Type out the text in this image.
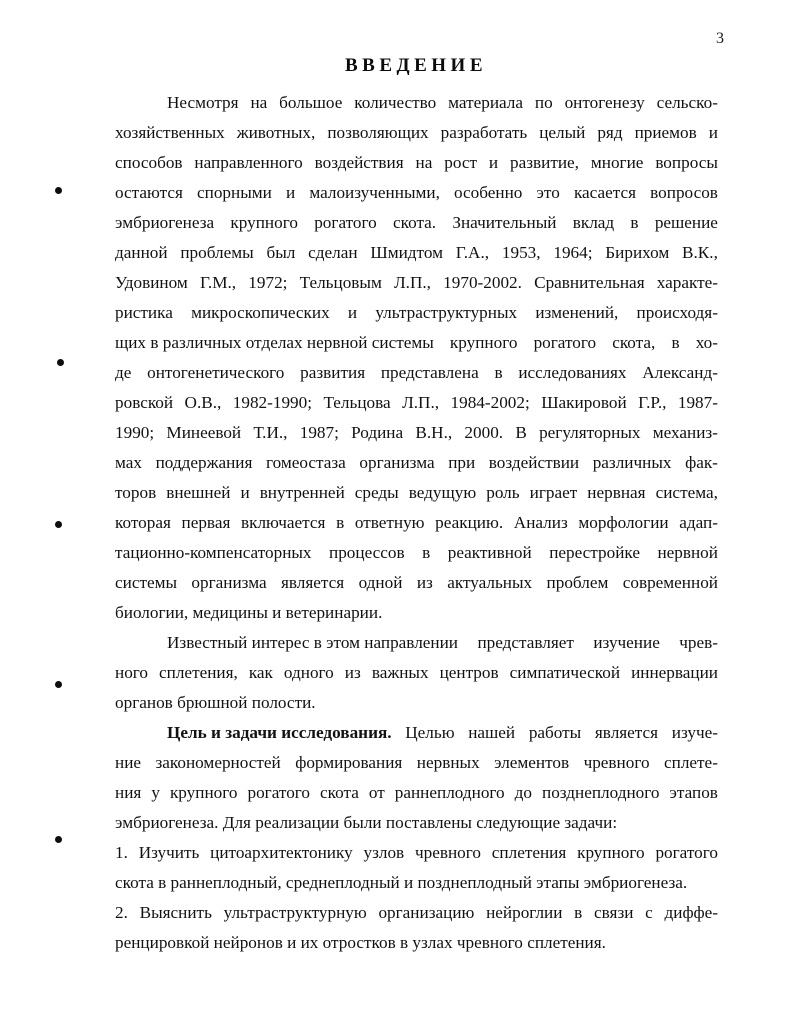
3
ВВЕДЕНИЕ
Несмотря на большое количество материала по онтогенезу сельско-
хозяйственных животных, позволяющих разработать целый ряд приемов и
способов направленного воздействия на рост и развитие, многие вопросы
остаются спорными и малоизученными, особенно это касается вопросов
эмбриогенеза крупного рогатого скота. Значительный вклад в решение
данной проблемы был сделан Шмидтом Г.А., 1953, 1964; Бирихом В.К.,
Удовином Г.М., 1972; Тельцовым Л.П., 1970-2002. Сравнительная характе-
ристика микроскопических и ультраструктурных изменений, происходя-
щих в различных отделах нервной системы крупного рогатого скота, в хо-
де онтогенетического развития представлена в исследованиях Александ-
ровской О.В., 1982-1990; Тельцова Л.П., 1984-2002; Шакировой Г.Р., 1987-
1990; Минеевой Т.И., 1987; Родина В.Н., 2000. В регуляторных механиз-
мах поддержания гомеостаза организма при воздействии различных фак-
торов внешней и внутренней среды ведущую роль играет нервная система,
которая первая включается в ответную реакцию. Анализ морфологии адап-
тационно-компенсаторных процессов в реактивной перестройке нервной
системы организма является одной из актуальных проблем современной
биологии, медицины и ветеринарии.
Известный интерес в этом направлении представляет изучение чрев-
ного сплетения, как одного из важных центров симпатической иннервации
органов брюшной полости.
Цель и задачи исследования. Целью нашей работы является изуче-
ние закономерностей формирования нервных элементов чревного сплете-
ния у крупного рогатого скота от раннеплодного до позднеплодного этапов
эмбриогенеза. Для реализации были поставлены следующие задачи:
1. Изучить цитоархитектонику узлов чревного сплетения крупного рогатого
скота в раннеплодный, среднеплодный и позднеплодный этапы эмбриогенеза.
2. Выяснить ультраструктурную организацию нейроглии в связи с диффе-
ренцировкой нейронов и их отростков в узлах чревного сплетения.
